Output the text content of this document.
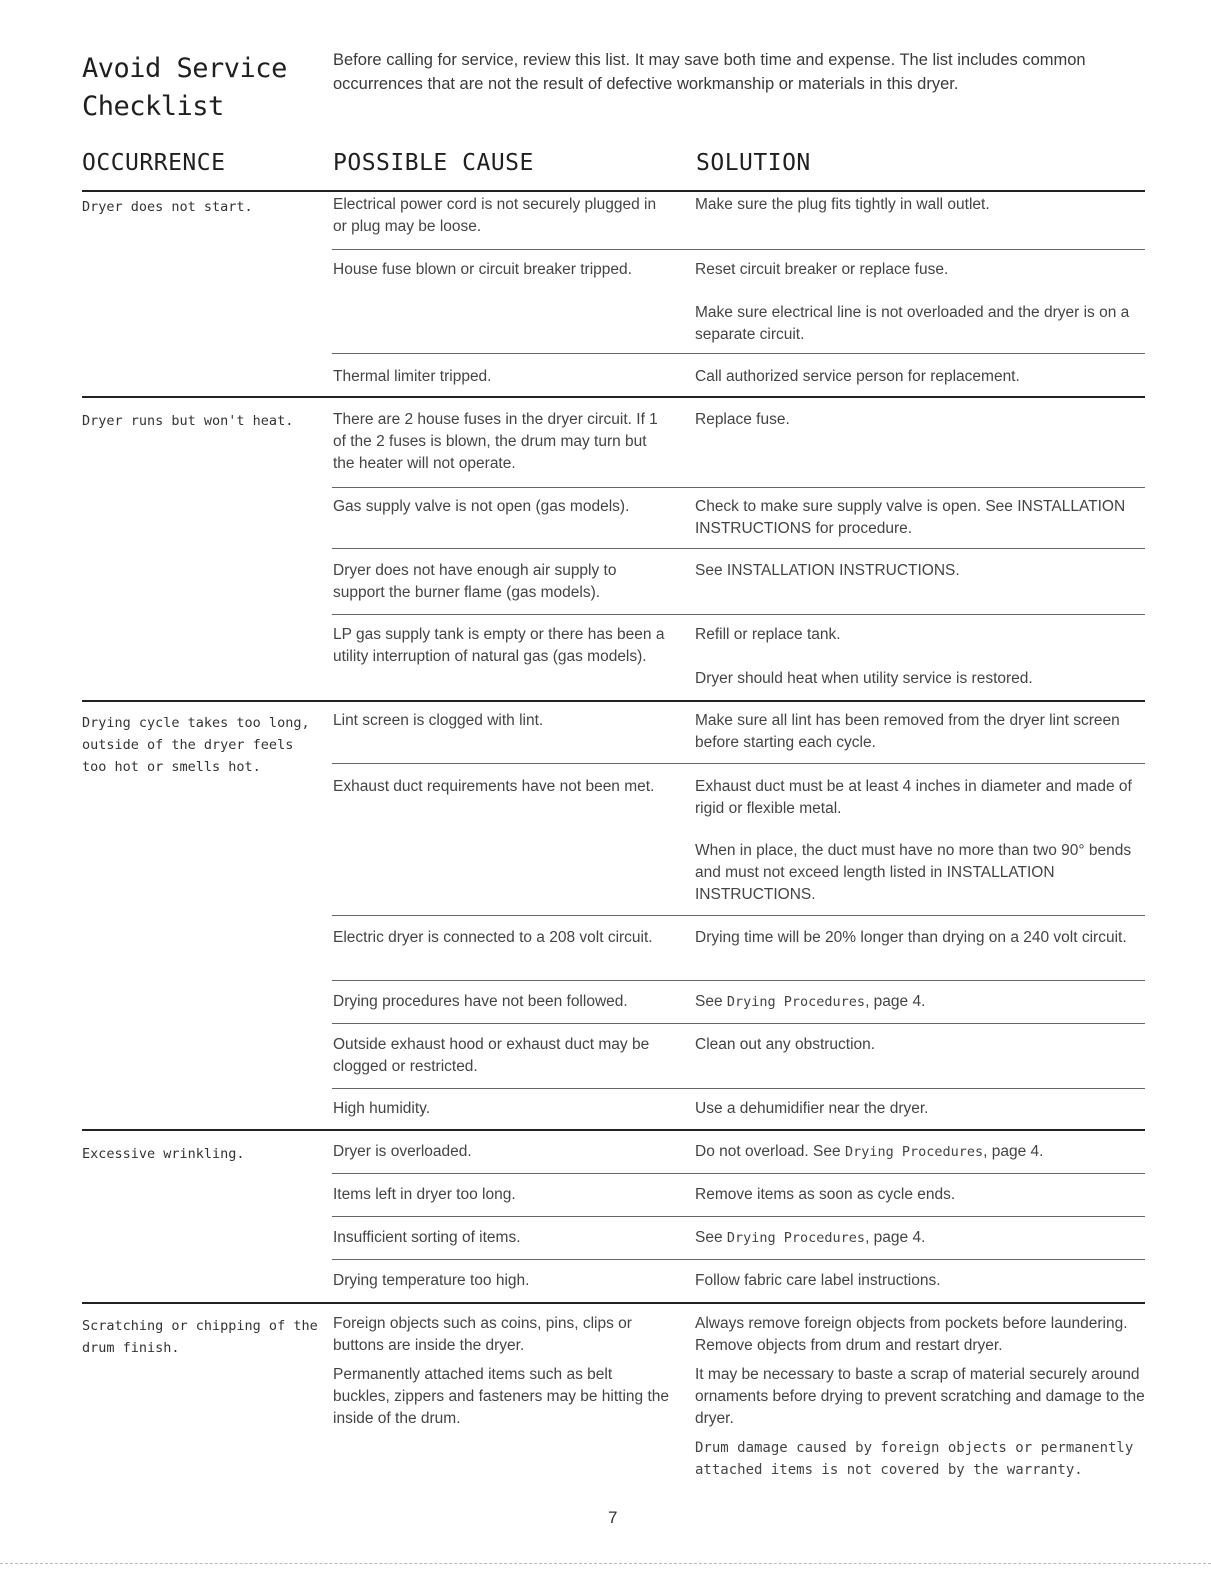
Avoid Service
Checklist
Before calling for service, review this list. It may save both time and expense. The list includes common occurrences that are not the result of defective workmanship or materials in this dryer.
OCCURRENCE	POSSIBLE CAUSE	SOLUTION
Dryer does not start.
Dryer runs but won't heat.
Drying cycle takes too long, outside of the dryer feels too hot or smells hot.
Excessive wrinkling.
Scratching or chipping of the drum finish.
Electrical power cord is not securely plugged in or plug may be loose.
House fuse blown or circuit breaker tripped.
Thermal limiter tripped.
There are 2 house fuses in the dryer circuit. If 1 of the 2 fuses is blown, the drum may turn but the heater will not operate.
Gas supply valve is not open (gas models).
Dryer does not have enough air supply to support the burner flame (gas models).
LP gas supply tank is empty or there has been a utility interruption of natural gas (gas models).
Lint screen is clogged with lint.
Exhaust duct requirements have not been met.
Electric dryer is connected to a 208 volt circuit.
Drying procedures have not been followed.
Outside exhaust hood or exhaust duct may be clogged or restricted.
High humidity.
Dryer is overloaded.
Items left in dryer too long.
Insufficient sorting of items.
Drying temperature too high.
Foreign objects such as coins, pins, clips or buttons are inside the dryer.
Permanently attached items such as belt buckles, zippers and fasteners may be hitting the inside of the drum.
Make sure the plug fits tightly in wall outlet.
Reset circuit breaker or replace fuse.
Make sure electrical line is not overloaded and the dryer is on a separate circuit.
Call authorized service person for replacement.
Replace fuse.
Check to make sure supply valve is open. See INSTALLATION INSTRUCTIONS for procedure.
See INSTALLATION INSTRUCTIONS.
Refill or replace tank.
Dryer should heat when utility service is restored.
Make sure all lint has been removed from the dryer lint screen before starting each cycle.
Exhaust duct must be at least 4 inches in diameter and made of rigid or flexible metal.
When in place, the duct must have no more than two 90° bends and must not exceed length listed in INSTALLATION INSTRUCTIONS.
Drying time will be 20% longer than drying on a 240 volt circuit.
See Drying Procedures, page 4.
Clean out any obstruction.
Use a dehumidifier near the dryer.
Do not overload. See Drying Procedures, page 4.
Remove items as soon as cycle ends.
See Drying Procedures, page 4.
Follow fabric care label instructions.
Always remove foreign objects from pockets before laundering. Remove objects from drum and restart dryer.
It may be necessary to baste a scrap of material securely around ornaments before drying to prevent scratching and damage to the dryer.
Drum damage caused by foreign objects or permanently attached items is not covered by the warranty.
7
